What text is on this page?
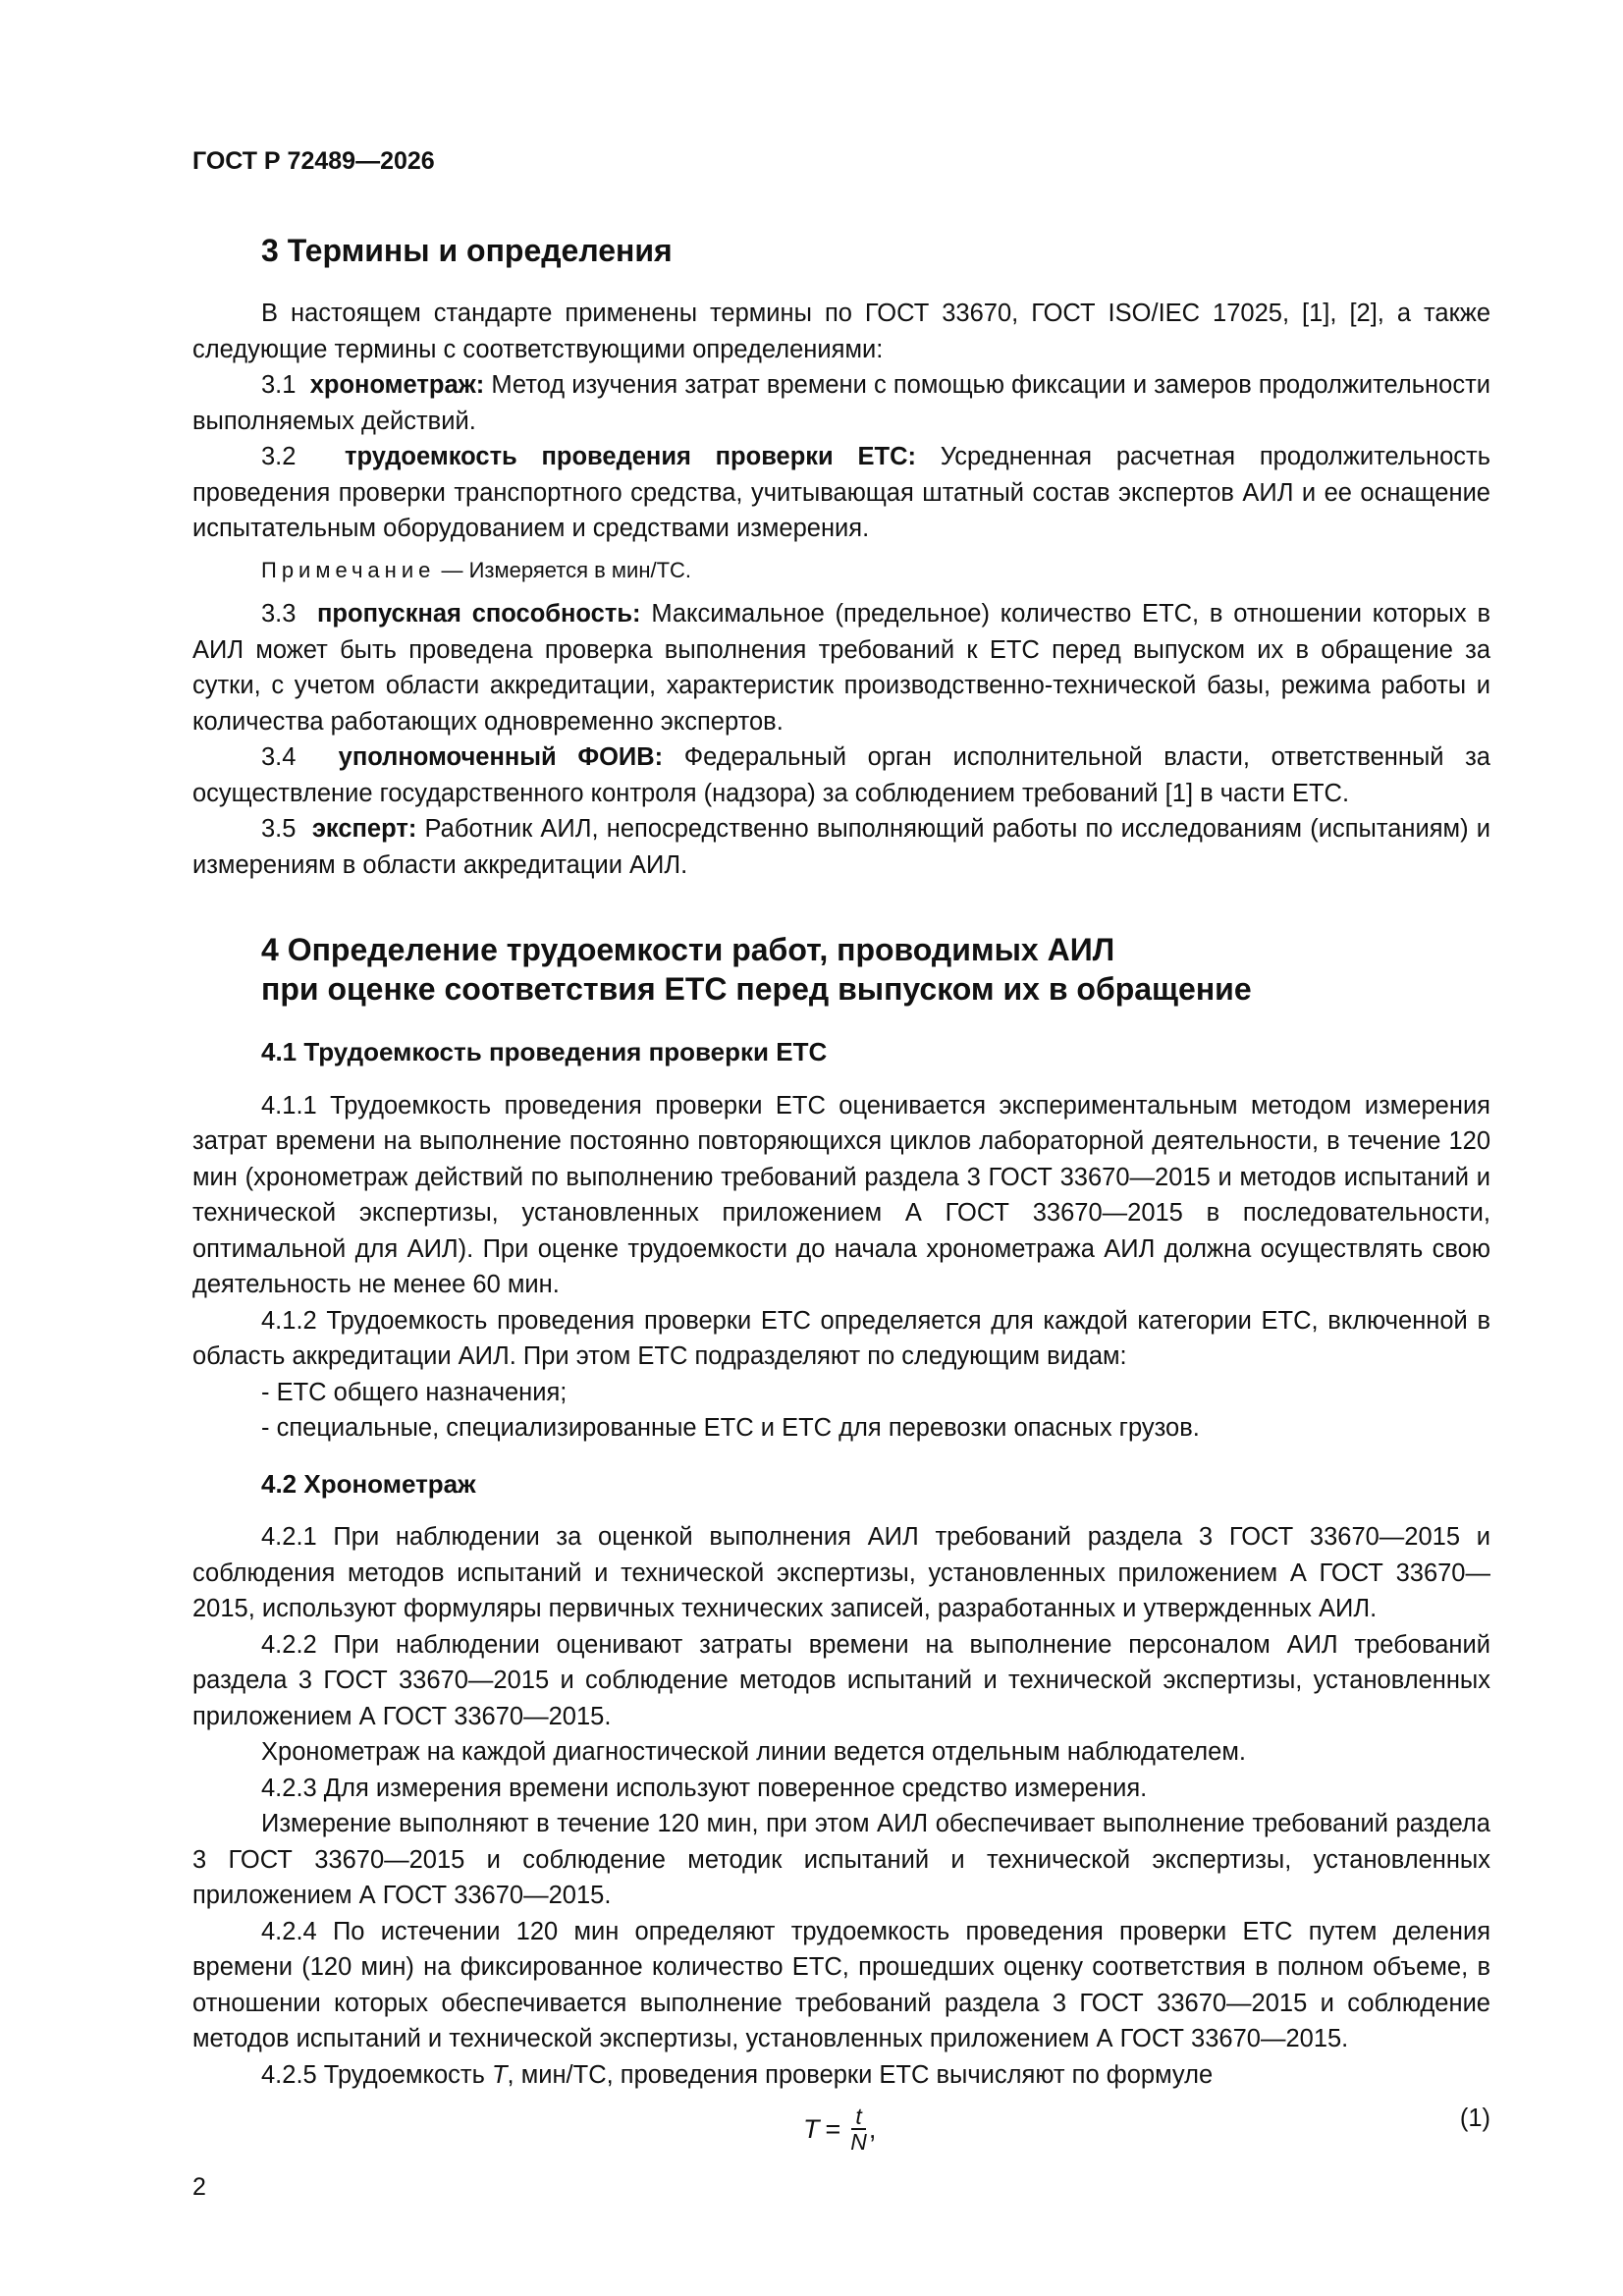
ГОСТ Р 72489—2026
3 Термины и определения

В настоящем стандарте применены термины по ГОСТ 33670, ГОСТ ISO/IEC 17025, [1], [2], а также следующие термины с соответствующими определениями:

3.1 хронометраж: Метод изучения затрат времени с помощью фиксации и замеров продолжительности выполняемых действий.

3.2 трудоемкость проведения проверки ЕТС: Усредненная расчетная продолжительность проведения проверки транспортного средства, учитывающая штатный состав экспертов АИЛ и ее оснащение испытательным оборудованием и средствами измерения.

Примечание — Измеряется в мин/ТС.

3.3 пропускная способность: Максимальное (предельное) количество ЕТС, в отношении которых в АИЛ может быть проведена проверка выполнения требований к ЕТС перед выпуском их в обращение за сутки, с учетом области аккредитации, характеристик производственно-технической базы, режима работы и количества работающих одновременно экспертов.

3.4 уполномоченный ФОИВ: Федеральный орган исполнительной власти, ответственный за осуществление государственного контроля (надзора) за соблюдением требований [1] в части ЕТС.

3.5 эксперт: Работник АИЛ, непосредственно выполняющий работы по исследованиям (испытаниям) и измерениям в области аккредитации АИЛ.

4 Определение трудоемкости работ, проводимых АИЛ
при оценке соответствия ЕТС перед выпуском их в обращение
4.1 Трудоемкость проведения проверки ЕТС

4.1.1 Трудоемкость проведения проверки ЕТС оценивается экспериментальным методом измерения затрат времени на выполнение постоянно повторяющихся циклов лабораторной деятельности, в течение 120 мин (хронометраж действий по выполнению требований раздела 3 ГОСТ 33670—2015 и методов испытаний и технической экспертизы, установленных приложением А ГОСТ 33670—2015 в последовательности, оптимальной для АИЛ). При оценке трудоемкости до начала хронометража АИЛ должна осуществлять свою деятельность не менее 60 мин.

4.1.2 Трудоемкость проведения проверки ЕТС определяется для каждой категории ЕТС, включенной в область аккредитации АИЛ. При этом ЕТС подразделяют по следующим видам:

- ЕТС общего назначения;
- специальные, специализированные ЕТС и ЕТС для перевозки опасных грузов.
4.2 Хронометраж

4.2.1 При наблюдении за оценкой выполнения АИЛ требований раздела 3 ГОСТ 33670—2015 и соблюдения методов испытаний и технической экспертизы, установленных приложением А ГОСТ 33670—2015, используют формуляры первичных технических записей, разработанных и утвержденных АИЛ.

4.2.2 При наблюдении оценивают затраты времени на выполнение персоналом АИЛ требований раздела 3 ГОСТ 33670—2015 и соблюдение методов испытаний и технической экспертизы, установленных приложением А ГОСТ 33670—2015.

Хронометраж на каждой диагностической линии ведется отдельным наблюдателем.

4.2.3 Для измерения времени используют поверенное средство измерения.

Измерение выполняют в течение 120 мин, при этом АИЛ обеспечивает выполнение требований раздела 3 ГОСТ 33670—2015 и соблюдение методик испытаний и технической экспертизы, установленных приложением А ГОСТ 33670—2015.

4.2.4 По истечении 120 мин определяют трудоемкость проведения проверки ЕТС путем деления времени (120 мин) на фиксированное количество ЕТС, прошедших оценку соответствия в полном объеме, в отношении которых обеспечивается выполнение требований раздела 3 ГОСТ 33670—2015 и соблюдение методов испытаний и технической экспертизы, установленных приложением А ГОСТ 33670—2015.

4.2.5 Трудоемкость T, мин/ТС, проведения проверки ЕТС вычисляют по формуле

$T = \frac{t}{N}$ ,	(1)
2
